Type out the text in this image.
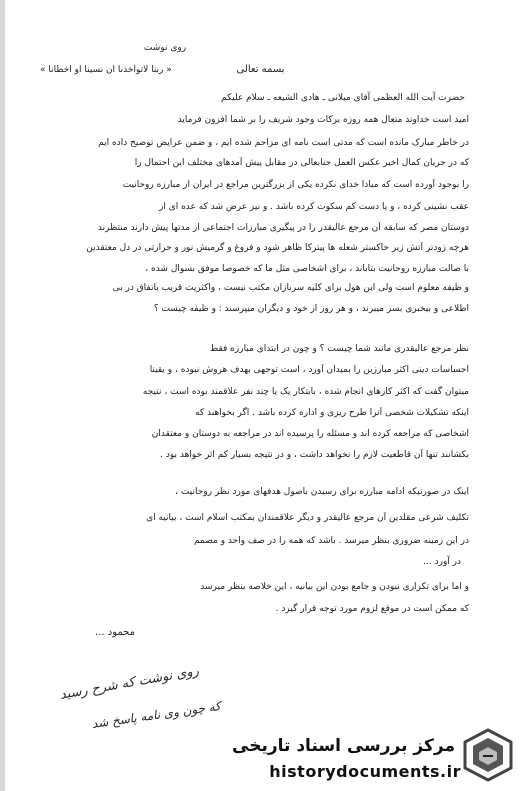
روی نوشت
بسمه تعالی
« ربنا لاتواخذنا ان نسینا او اخطانا »
حضرت آیت الله العظمی آقای میلانی ـ هادی الشیعه ـ سلام علیکم
امید است خداوند متعال همه روزه برکات وجود شریف را بر شما افزون فرماید
در خاطر مبارک مانده است که مدتی است نامه ای مزاحم شده ایم ، و ضمن عرایض توضیح داده ایم
که در جریان کمال اخیر عکس العمل جنابعالی در مقابل پیش آمدهای مختلف این احتمال را
را بوجود آورده است که مبادا خدای نکرده یکی از بزرگترین مراجع در ایران از مبارزه روحانیت
عقب نشینی کرده ، و یا دست کم سکوت کرده باشد . و نیز عرض شد که عده ای از
دوستان مصر که سابقه آن مرجع عالیقدر را در پیگیری مبارزات اجتماعی از مدتها پیش دارند منتظرند
هرچه زودتر آتش زیر خاکستر شعله ها پیترکا ظاهر شود و فروغ و گرمیش نور و حرارتی در دل معتقدین
با صالت مبارزه روحانیت بتاباند ، برای اشخاصی مثل ما که خصوصا موفق بسوال شده ،
و ظیفه معلوم است ولی این هول برای کلیه سربازان مکتب نیست ، واکثریت قریب باتفاق در بی
اطلاعی و بیخبری بسر میبرند ، و هر روز از خود و دیگران میپرسند : و ظیفه چیست ؟
نظر مرجع عالیقدری مانند شما چیست ؟ و چون در ابتدای مبارزه فقط
احساسات دینی اکثر مبارزین را بمیدان آورد ، است توجهی بهدف هروش نبوده ، و یقینا
میتوان گفت که اکثر کارهای انجام شده ، بابتکار یک یا چند نفر علاقمند بوده است ، نتیجه
اینکه تشکیلات شخصی آنرا طرح ریزی و اداره کرده باشد . اگر بخواهند که
اشخاصی که مراجعه کرده اند و مسئله را پرسیده اند در مراجعه به دوستان و معتقدان
بکشانند تنها آن قاطعیت لازم را نخواهد داشت ، و در نتیجه بسیار کم اثر خواهد بود .
اینک در صورتیکه ادامه مبارزه برای رسیدن باصول هدفهای مورد نظر روحانیت ،
تکلیف شرعی مقلدین آن مرجع عالیقدر و دیگر علاقمندان بمکتب اسلام است ، بیانیه ای
در این زمینه ضروری بنظر میرسد . باشد که همه را در صف واحد و مصمم
در آورد ...
و اما برای تکراری نبودن و جامع بودن این بیانیه ، این خلاصه بنظر میرسد
که ممکن است در موقع لزوم مورد توجه قرار گیرد .
محمود ...
روی نوشت که شرح رسید
که چون وی نامه پاسخ شد
مرکز بررسی اسناد تاریخی
historydocuments.ir
